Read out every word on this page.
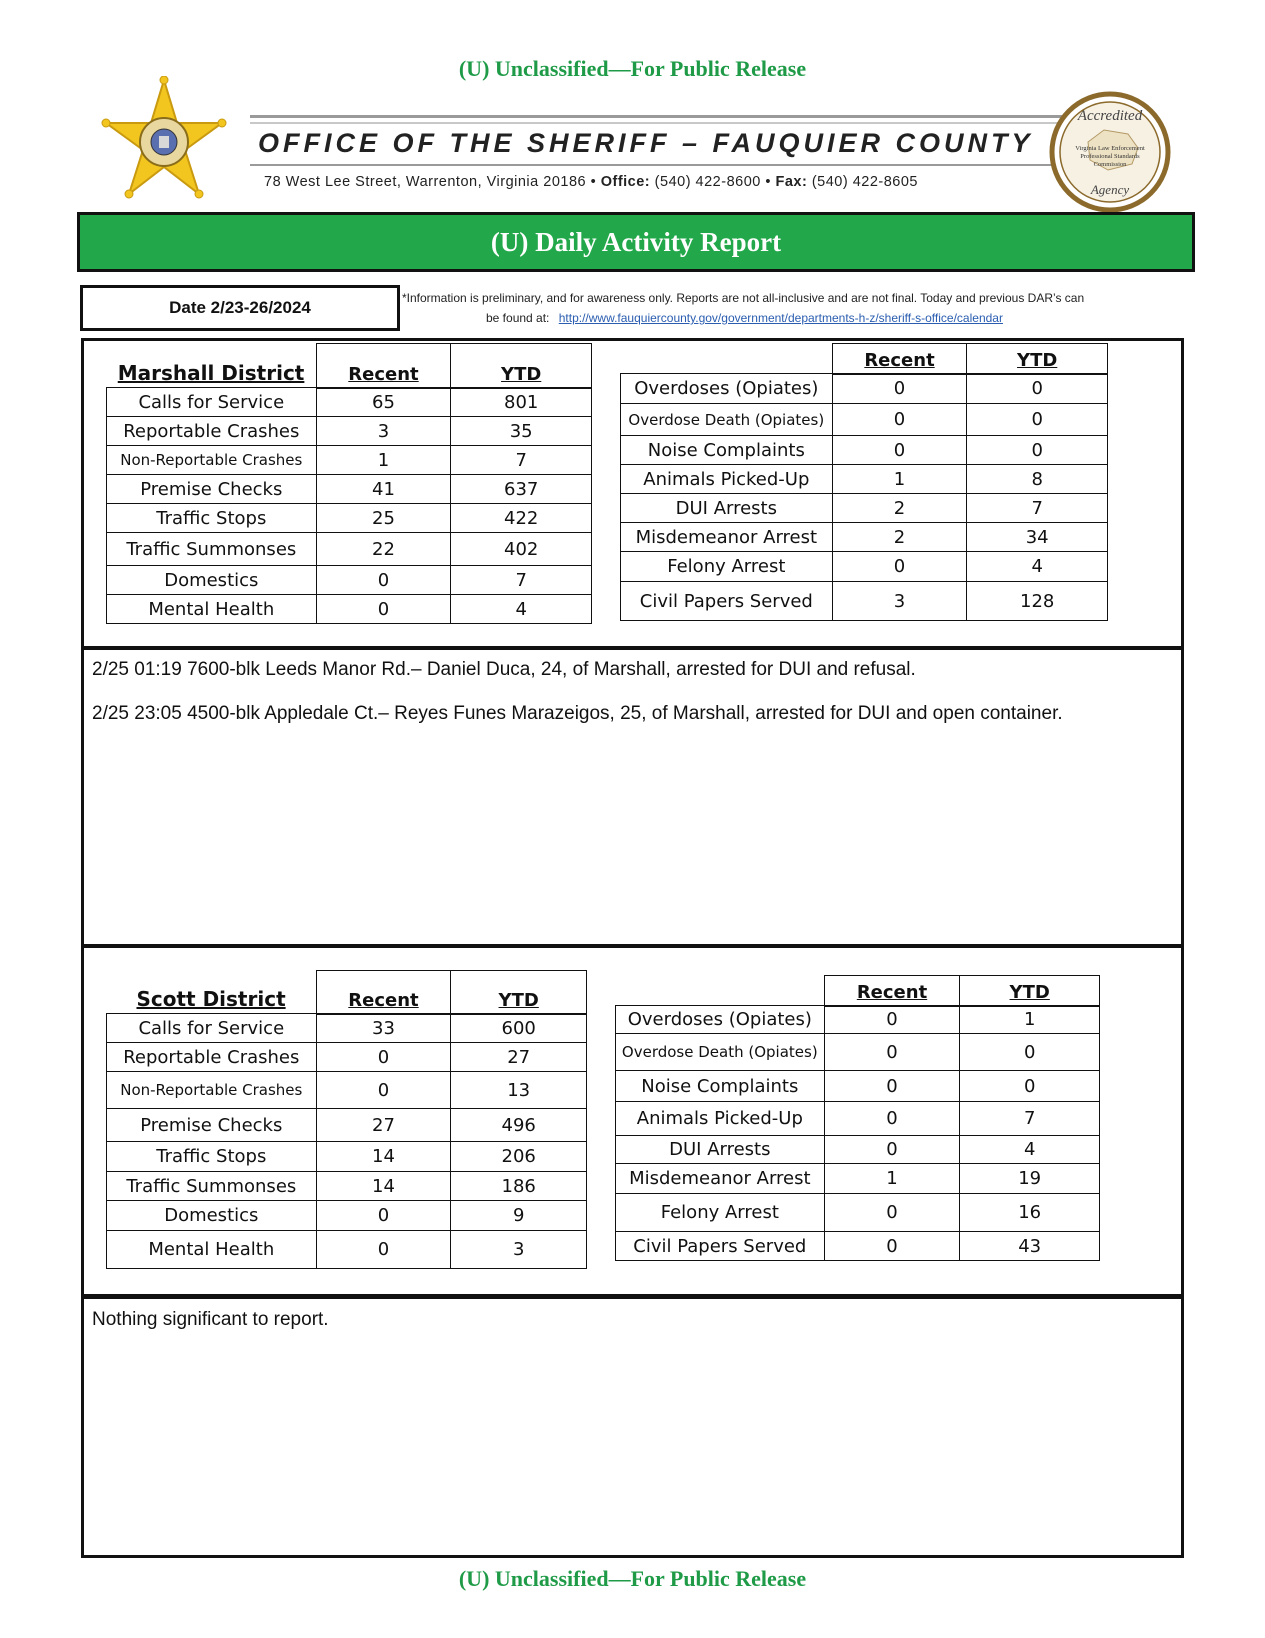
(U) Unclassified—For Public Release
OFFICE OF THE SHERIFF – FAUQUIER COUNTY
78 West Lee Street, Warrenton, Virginia 20186 • Office: (540) 422-8600 • Fax: (540) 422-8605
Accredited
Virginia Law Enforcement
Professional Standards
Commission
Agency
(U) Daily Activity Report
Date 2/23-26/2024	*Information is preliminary, and for awareness only. Reports are not all-inclusive and are not final. Today and previous DAR’s can
be found at: http://www.fauquiercounty.gov/government/departments-h-z/sheriff-s-office/calendar
Marshall District	Recent	YTD
Calls for Service	65	801
Reportable Crashes	3	35
Non-Reportable Crashes	1	7
Premise Checks	41	637
Traffic Stops	25	422
Traffic Summonses	22	402
Domestics	0	7
Mental Health	0	4
	Recent	YTD
Overdoses (Opiates)	0	0
Overdose Death (Opiates)	0	0
Noise Complaints	0	0
Animals Picked-Up	1	8
DUI Arrests	2	7
Misdemeanor Arrest	2	34
Felony Arrest	0	4
Civil Papers Served	3	128

2/25 01:19 7600-blk Leeds Manor Rd.– Daniel Duca, 24, of Marshall, arrested for DUI and refusal.

2/25 23:05 4500-blk Appledale Ct.– Reyes Funes Marazeigos, 25, of Marshall, arrested for DUI and open container.

Scott District	Recent	YTD
Calls for Service	33	600
Reportable Crashes	0	27
Non-Reportable Crashes	0	13
Premise Checks	27	496
Traffic Stops	14	206
Traffic Summonses	14	186
Domestics	0	9
Mental Health	0	3
	Recent	YTD
Overdoses (Opiates)	0	1
Overdose Death (Opiates)	0	0
Noise Complaints	0	0
Animals Picked-Up	0	7
DUI Arrests	0	4
Misdemeanor Arrest	1	19
Felony Arrest	0	16
Civil Papers Served	0	43

Nothing significant to report.

(U) Unclassified—For Public Release
